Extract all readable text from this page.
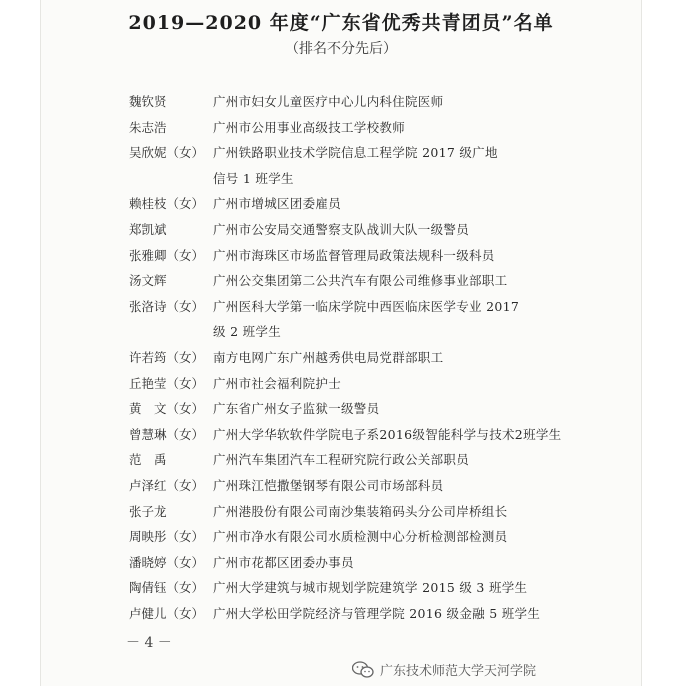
2019—2020 年度“广东省优秀共青团员”名单
（排名不分先后）
魏钦贤	广州市妇女儿童医疗中心儿内科住院医师
朱志浩	广州市公用事业高级技工学校教师
吴欣妮（女） 广州铁路职业技术学院信息工程学院 2017 级广地
信号 1 班学生
赖桂枝（女） 广州市增城区团委雇员
郑凯斌	广州市公安局交通警察支队战训大队一级警员
张雅卿（女） 广州市海珠区市场监督管理局政策法规科一级科员
汤文辉	广州公交集团第二公共汽车有限公司维修事业部职工
张洛诗（女） 广州医科大学第一临床学院中西医临床医学专业 2017
级 2 班学生
许若筠（女） 南方电网广东广州越秀供电局党群部职工
丘艳莹（女） 广州市社会福利院护士
黄　文（女） 广东省广州女子监狱一级警员
曾慧琳（女） 广州大学华软软件学院电子系2016级智能科学与技术2班学生
范　禹	广州汽车集团汽车工程研究院行政公关部职员
卢泽红（女） 广州珠江恺撒堡钢琴有限公司市场部科员
张子龙	广州港股份有限公司南沙集装箱码头分公司岸桥组长
周映彤（女） 广州市净水有限公司水质检测中心分析检测部检测员
潘晓婷（女） 广州市花都区团委办事员
陶倩钰（女） 广州大学建筑与城市规划学院建筑学 2015 级 3 班学生
卢健儿（女） 广州大学松田学院经济与管理学院 2016 级金融 5 班学生
－ 4 －
广东技术师范大学天河学院
